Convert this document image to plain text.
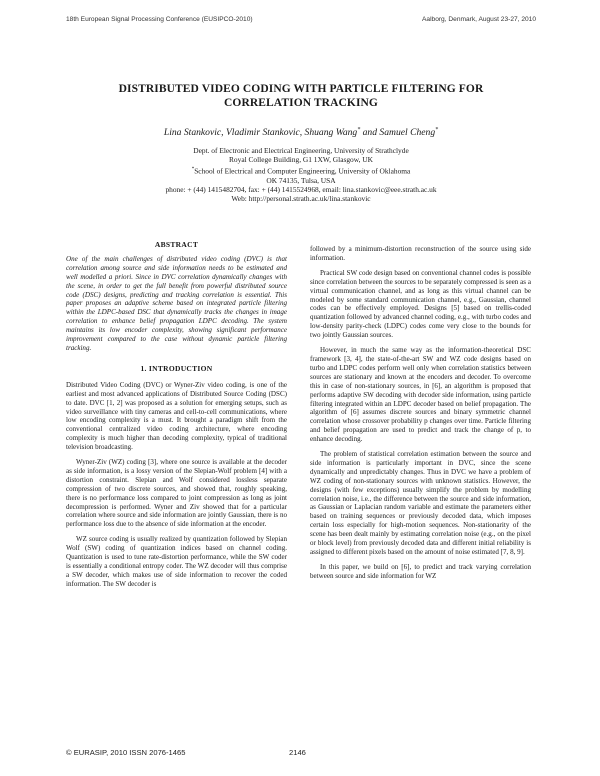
18th European Signal Processing Conference (EUSIPCO-2010)	Aalborg, Denmark, August 23-27, 2010
DISTRIBUTED VIDEO CODING WITH PARTICLE FILTERING FOR
CORRELATION TRACKING
Lina Stankovic, Vladimir Stankovic, Shuang Wang* and Samuel Cheng*
Dept. of Electronic and Electrical Engineering, University of Strathclyde
Royal College Building, G1 1XW, Glasgow, UK
*School of Electrical and Computer Engineering, University of Oklahoma
OK 74135, Tulsa, USA
phone: + (44) 1415482704, fax: + (44) 1415524968, email: lina.stankovic@eee.strath.ac.uk
Web: http://personal.strath.ac.uk/lina.stankovic
ABSTRACT

One of the main challenges of distributed video coding (DVC) is that correlation among source and side information needs to be estimated and well modelled a priori. Since in DVC correlation dynamically changes with the scene, in order to get the full benefit from powerful distributed source code (DSC) designs, predicting and tracking correlation is essential. This paper proposes an adaptive scheme based on integrated particle filtering within the LDPC-based DSC that dynamically tracks the changes in image correlation to enhance belief propagation LDPC decoding. The system maintains its low encoder complexity, showing significant performance improvement compared to the case without dynamic particle filtering tracking.

1. INTRODUCTION

Distributed Video Coding (DVC) or Wyner-Ziv video coding, is one of the earliest and most advanced applications of Distributed Source Coding (DSC) to date. DVC [1, 2] was proposed as a solution for emerging setups, such as video surveillance with tiny cameras and cell-to-cell communications, where low encoding complexity is a must. It brought a paradigm shift from the conventional centralized video coding architecture, where encoding complexity is much higher than decoding complexity, typical of traditional television broadcasting.

Wyner-Ziv (WZ) coding [3], where one source is available at the decoder as side information, is a lossy version of the Slepian-Wolf problem [4] with a distortion constraint. Slepian and Wolf considered lossless separate compression of two discrete sources, and showed that, roughly speaking, there is no performance loss compared to joint compression as long as joint decompression is performed. Wyner and Ziv showed that for a particular correlation where source and side information are jointly Gaussian, there is no performance loss due to the absence of side information at the encoder.

WZ source coding is usually realized by quantization followed by Slepian Wolf (SW) coding of quantization indices based on channel coding. Quantization is used to tune rate-distortion performance, while the SW coder is essentially a conditional entropy coder. The WZ decoder will thus comprise a SW decoder, which makes use of side information to recover the coded information. The SW decoder is

followed by a minimum-distortion reconstruction of the source using side information.

Practical SW code design based on conventional channel codes is possible since correlation between the sources to be separately compressed is seen as a virtual communication channel, and as long as this virtual channel can be modeled by some standard communication channel, e.g., Gaussian, channel codes can be effectively employed. Designs [5] based on trellis-coded quantization followed by advanced channel coding, e.g., with turbo codes and low-density parity-check (LDPC) codes come very close to the bounds for two jointly Gaussian sources.

However, in much the same way as the information-theoretical DSC framework [3, 4], the state-of-the-art SW and WZ code designs based on turbo and LDPC codes perform well only when correlation statistics between sources are stationary and known at the encoders and decoder. To overcome this in case of non-stationary sources, in [6], an algorithm is proposed that performs adaptive SW decoding with decoder side information, using particle filtering integrated within an LDPC decoder based on belief propagation. The algorithm of [6] assumes discrete sources and binary symmetric channel correlation whose crossover probability p changes over time. Particle filtering and belief propagation are used to predict and track the change of p, to enhance decoding.

The problem of statistical correlation estimation between the source and side information is particularly important in DVC, since the scene dynamically and unpredictably changes. Thus in DVC we have a problem of WZ coding of non-stationary sources with unknown statistics. However, the designs (with few exceptions) usually simplify the problem by modelling correlation noise, i.e., the difference between the source and side information, as Gaussian or Laplacian random variable and estimate the parameters either based on training sequences or previously decoded data, which imposes certain loss especially for high-motion sequences. Non-stationarity of the scene has been dealt mainly by estimating correlation noise (e.g., on the pixel or block level) from previously decoded data and different initial reliability is assigned to different pixels based on the amount of noise estimated [7, 8, 9].

In this paper, we build on [6], to predict and track varying correlation between source and side information for WZ

© EURASIP, 2010 ISSN 2076-1465	2146
